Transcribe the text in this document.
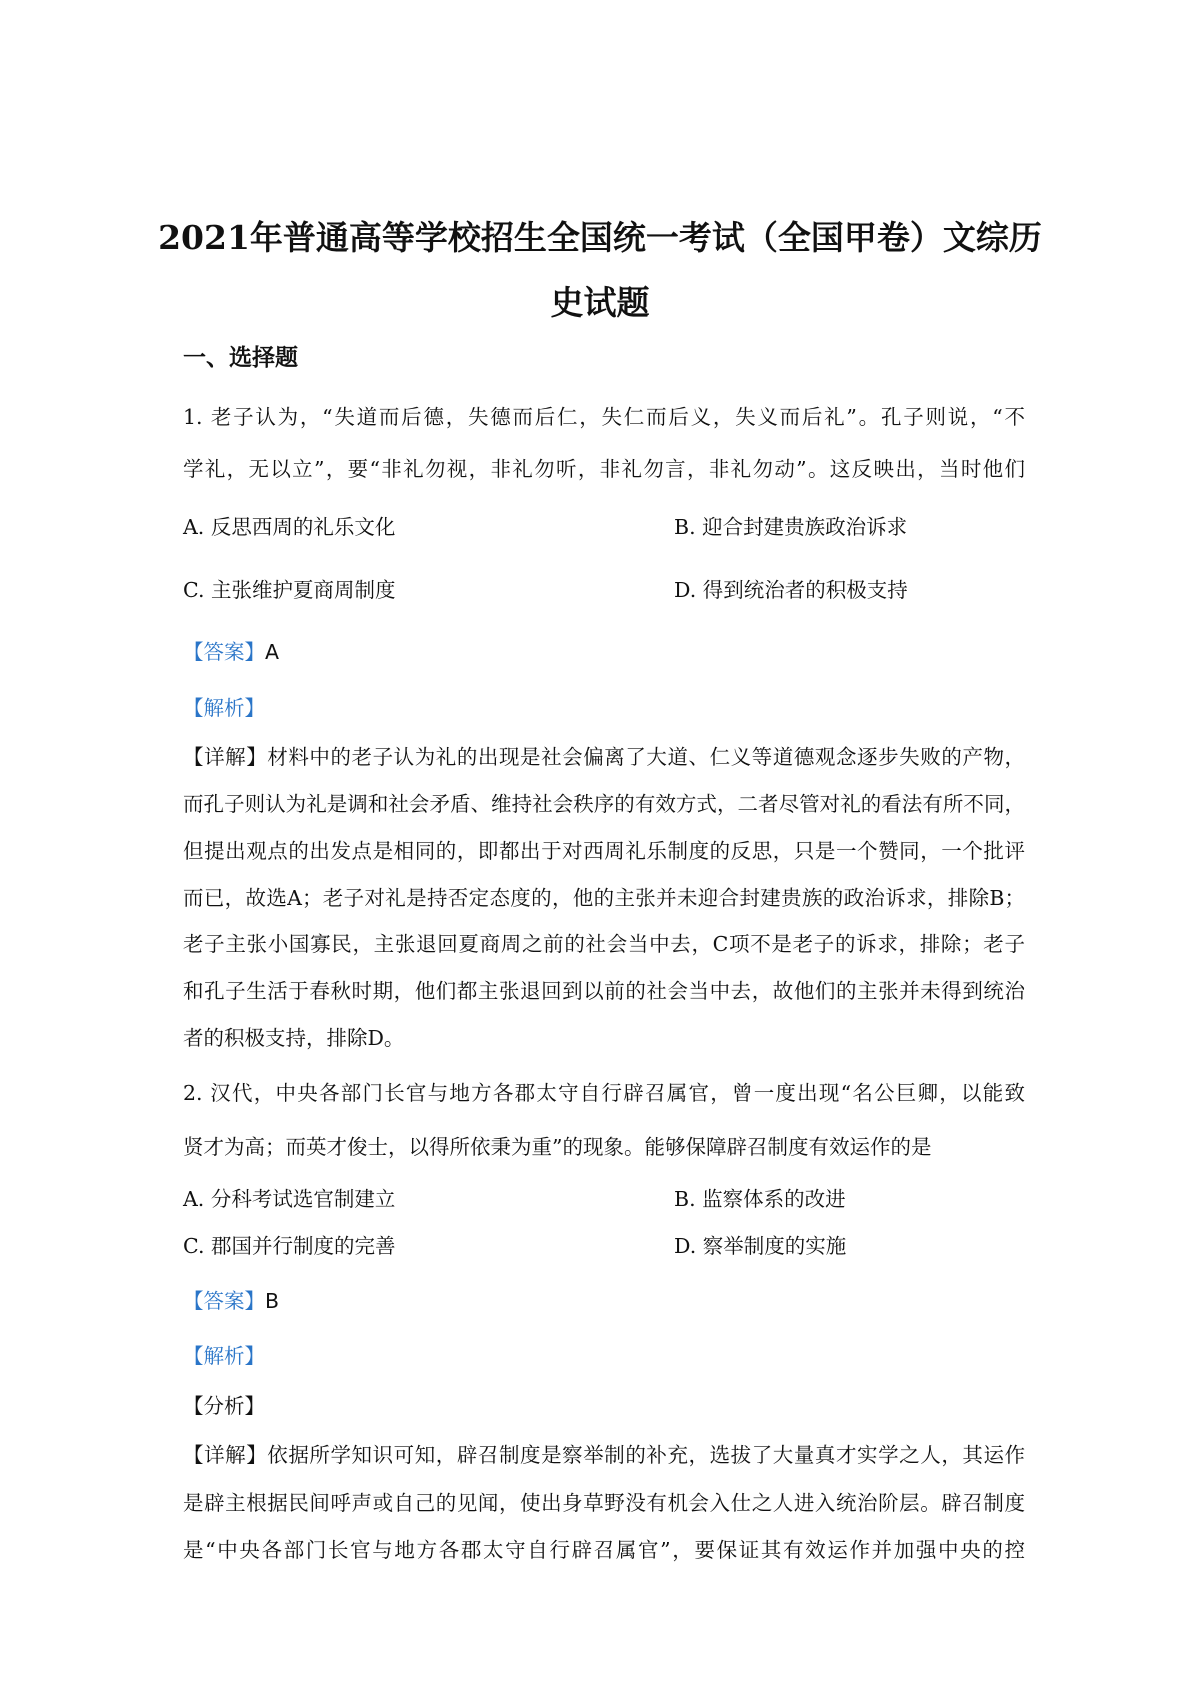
2021年普通高等学校招生全国统一考试（全国甲卷）文综历
史试题
一、选择题

1. 老子认为，“失道而后德，失德而后仁，失仁而后义，失义而后礼”。孔子则说，“不

学礼，无以立”，要“非礼勿视，非礼勿听，非礼勿言，非礼勿动”。这反映出，当时他们

A. 反思西周的礼乐文化	B. 迎合封建贵族政治诉求
C. 主张维护夏商周制度	D. 得到统治者的积极支持

【答案】A

【解析】

【详解】材料中的老子认为礼的出现是社会偏离了大道、仁义等道德观念逐步失败的产物，

而孔子则认为礼是调和社会矛盾、维持社会秩序的有效方式，二者尽管对礼的看法有所不同，

但提出观点的出发点是相同的，即都出于对西周礼乐制度的反思，只是一个赞同，一个批评

而已，故选A；老子对礼是持否定态度的，他的主张并未迎合封建贵族的政治诉求，排除B；

老子主张小国寡民，主张退回夏商周之前的社会当中去，C项不是老子的诉求，排除；老子

和孔子生活于春秋时期，他们都主张退回到以前的社会当中去，故他们的主张并未得到统治

者的积极支持，排除D。

2. 汉代，中央各部门长官与地方各郡太守自行辟召属官，曾一度出现“名公巨卿，以能致

贤才为高；而英才俊士，以得所依秉为重”的现象。能够保障辟召制度有效运作的是

A. 分科考试选官制建立	B. 监察体系的改进
C. 郡国并行制度的完善	D. 察举制度的实施

【答案】B

【解析】

【分析】

【详解】依据所学知识可知，辟召制度是察举制的补充，选拔了大量真才实学之人，其运作

是辟主根据民间呼声或自己的见闻，使出身草野没有机会入仕之人进入统治阶层。辟召制度

是“中央各部门长官与地方各郡太守自行辟召属官”，要保证其有效运作并加强中央的控
